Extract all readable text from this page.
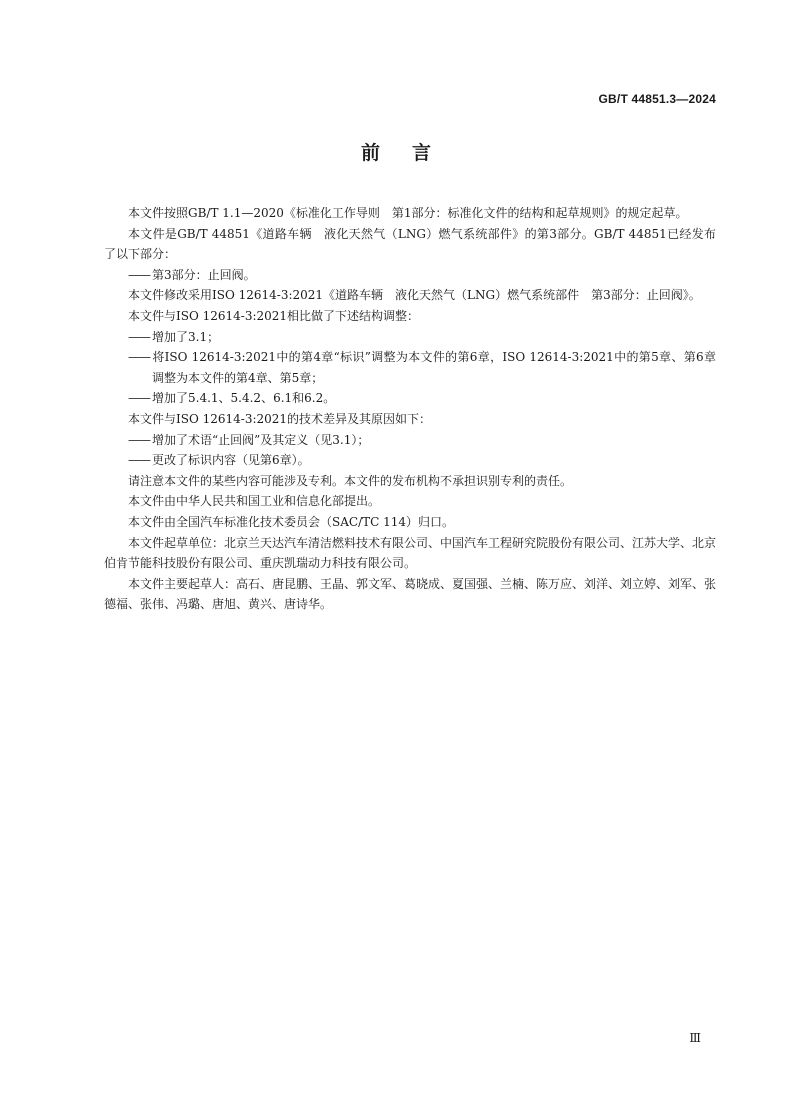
GB/T 44851.3—2024
前言

本文件按照GB/T 1.1—2020《标准化工作导则　第1部分：标准化文件的结构和起草规则》的规定起草。

本文件是GB/T 44851《道路车辆　液化天然气（LNG）燃气系统部件》的第3部分。GB/T 44851已经发布了以下部分：

—— 第3部分：止回阀。

本文件修改采用ISO 12614-3:2021《道路车辆　液化天然气（LNG）燃气系统部件　第3部分：止回阀》。

本文件与ISO 12614-3:2021相比做了下述结构调整：

—— 增加了3.1；

—— 将ISO 12614-3:2021中的第4章“标识”调整为本文件的第6章，ISO 12614-3:2021中的第5章、第6章调整为本文件的第4章、第5章；

—— 增加了5.4.1、5.4.2、6.1和6.2。

本文件与ISO 12614-3:2021的技术差异及其原因如下：

—— 增加了术语“止回阀”及其定义（见3.1）；

—— 更改了标识内容（见第6章）。

请注意本文件的某些内容可能涉及专利。本文件的发布机构不承担识别专利的责任。

本文件由中华人民共和国工业和信息化部提出。

本文件由全国汽车标准化技术委员会（SAC/TC 114）归口。

本文件起草单位：北京兰天达汽车清洁燃料技术有限公司、中国汽车工程研究院股份有限公司、江苏大学、北京伯肯节能科技股份有限公司、重庆凯瑞动力科技有限公司。

本文件主要起草人：高石、唐昆鹏、王晶、郭文军、葛晓成、夏国强、兰楠、陈万应、刘洋、刘立婷、刘军、张德福、张伟、冯璐、唐旭、黄兴、唐诗华。

Ⅲ
